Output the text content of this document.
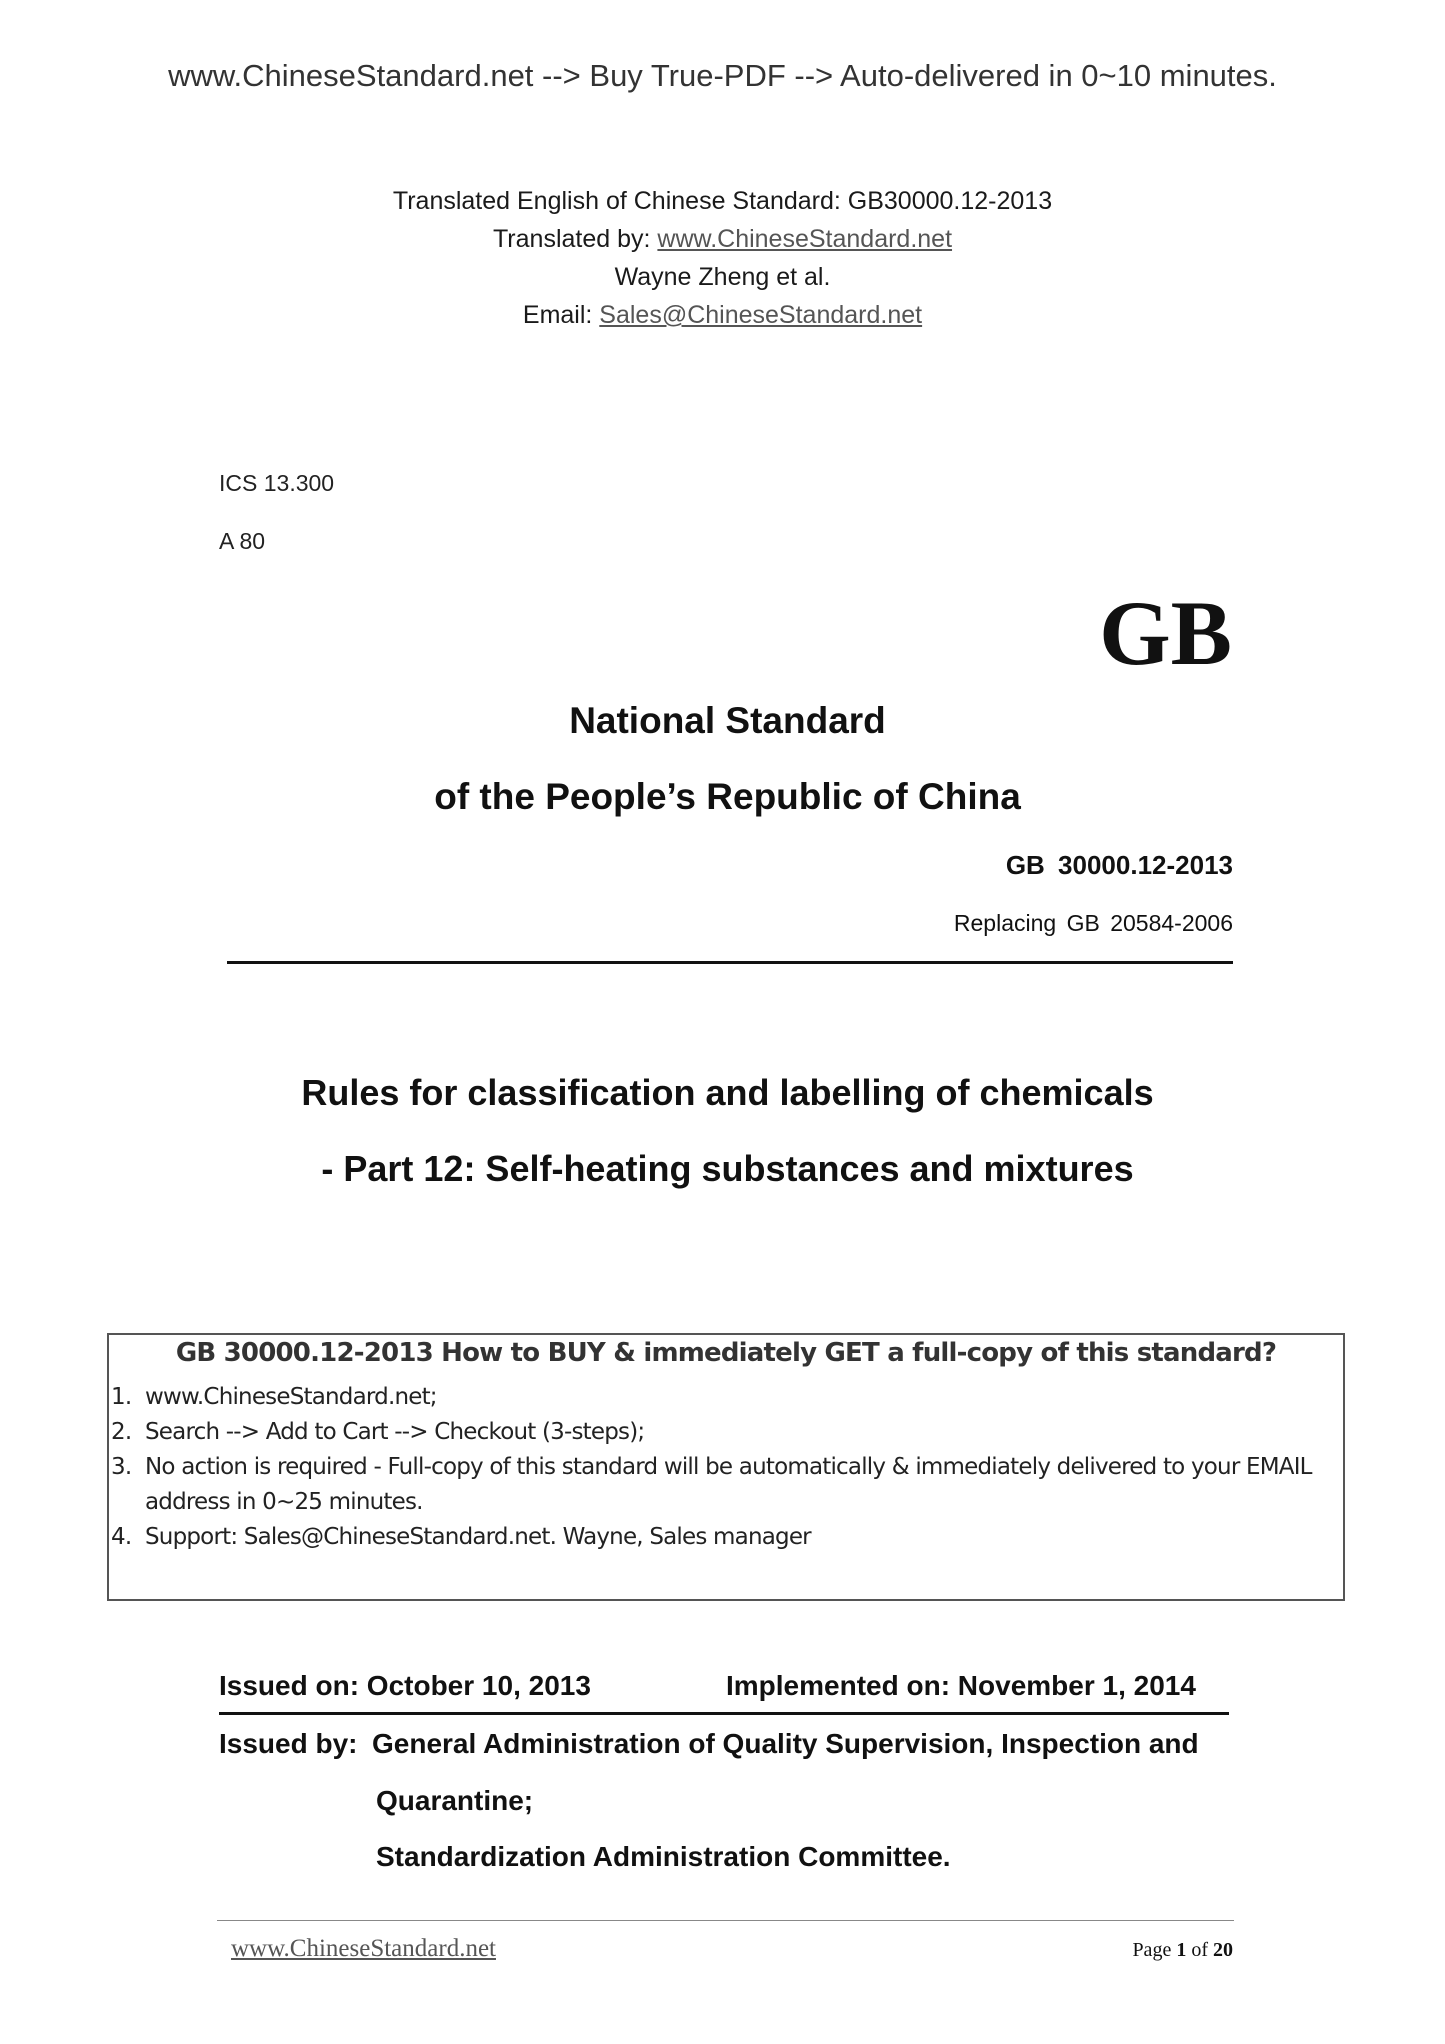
www.ChineseStandard.net --> Buy True-PDF --> Auto-delivered in 0~10 minutes.
Translated English of Chinese Standard: GB30000.12-2013
Translated by: www.ChineseStandard.net
Wayne Zheng et al.
Email: Sales@ChineseStandard.net
ICS 13.300
A 80
GB
National Standard
of the People’s Republic of China
GB 30000.12-2013
Replacing GB 20584-2006
Rules for classification and labelling of chemicals
- Part 12: Self-heating substances and mixtures
GB 30000.12-2013 How to BUY & immediately GET a full-copy of this standard?
1. www.ChineseStandard.net;
2. Search --> Add to Cart --> Checkout (3-steps);
3. No action is required - Full-copy of this standard will be automatically & immediately delivered to your EMAIL address in 0~25 minutes.
4. Support: Sales@ChineseStandard.net. Wayne, Sales manager
Issued on: October 10, 2013	Implemented on: November 1, 2014
Issued by: General Administration of Quality Supervision, Inspection and
Quarantine;
Standardization Administration Committee.
www.ChineseStandard.net	Page 1 of 20
